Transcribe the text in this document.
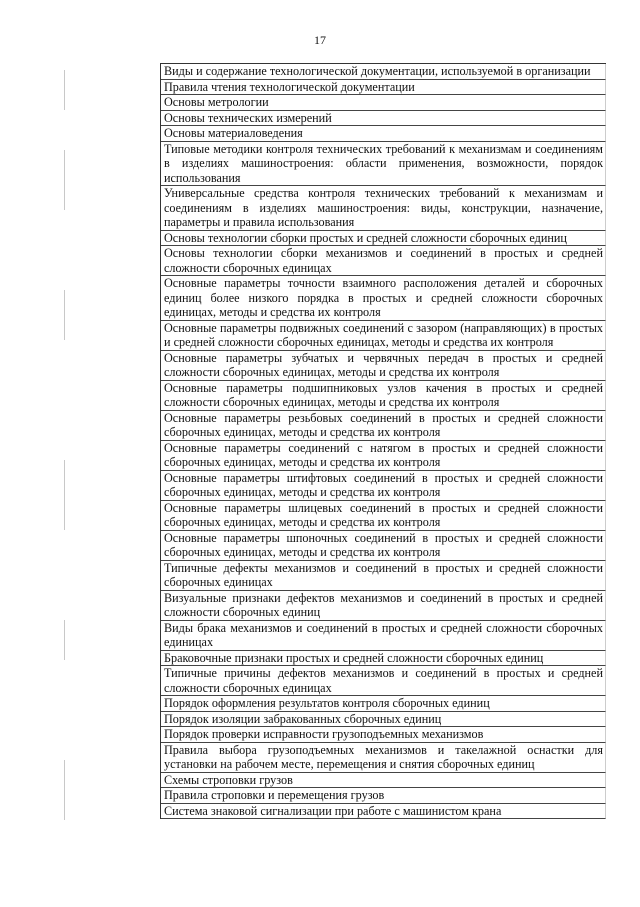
17
Виды и содержание технологической документации, используемой в организации
Правила чтения технологической документации
Основы метрологии
Основы технических измерений
Основы материаловедения
Типовые методики контроля технических требований к механизмам и соединениям в изделиях машиностроения: области применения, возможности, порядок использования
Универсальные средства контроля технических требований к механизмам и соединениям в изделиях машиностроения: виды, конструкции, назначение, параметры и правила использования
Основы технологии сборки простых и средней сложности сборочных единиц
Основы технологии сборки механизмов и соединений в простых и средней сложности сборочных единицах
Основные параметры точности взаимного расположения деталей и сборочных единиц более низкого порядка в простых и средней сложности сборочных единицах, методы и средства их контроля
Основные параметры подвижных соединений с зазором (направляющих) в простых и средней сложности сборочных единицах, методы и средства их контроля
Основные параметры зубчатых и червячных передач в простых и средней сложности сборочных единицах, методы и средства их контроля
Основные параметры подшипниковых узлов качения в простых и средней сложности сборочных единицах, методы и средства их контроля
Основные параметры резьбовых соединений в простых и средней сложности сборочных единицах, методы и средства их контроля
Основные параметры соединений с натягом в простых и средней сложности сборочных единицах, методы и средства их контроля
Основные параметры штифтовых соединений в простых и средней сложности сборочных единицах, методы и средства их контроля
Основные параметры шлицевых соединений в простых и средней сложности сборочных единицах, методы и средства их контроля
Основные параметры шпоночных соединений в простых и средней сложности сборочных единицах, методы и средства их контроля
Типичные дефекты механизмов и соединений в простых и средней сложности сборочных единицах
Визуальные признаки дефектов механизмов и соединений в простых и средней сложности сборочных единиц
Виды брака механизмов и соединений в простых и средней сложности сборочных единицах
Браковочные признаки простых и средней сложности сборочных единиц
Типичные причины дефектов механизмов и соединений в простых и средней сложности сборочных единицах
Порядок оформления результатов контроля сборочных единиц
Порядок изоляции забракованных сборочных единиц
Порядок проверки исправности грузоподъемных механизмов
Правила выбора грузоподъемных механизмов и такелажной оснастки для установки на рабочем месте, перемещения и снятия сборочных единиц
Схемы строповки грузов
Правила строповки и перемещения грузов
Система знаковой сигнализации при работе с машинистом крана
